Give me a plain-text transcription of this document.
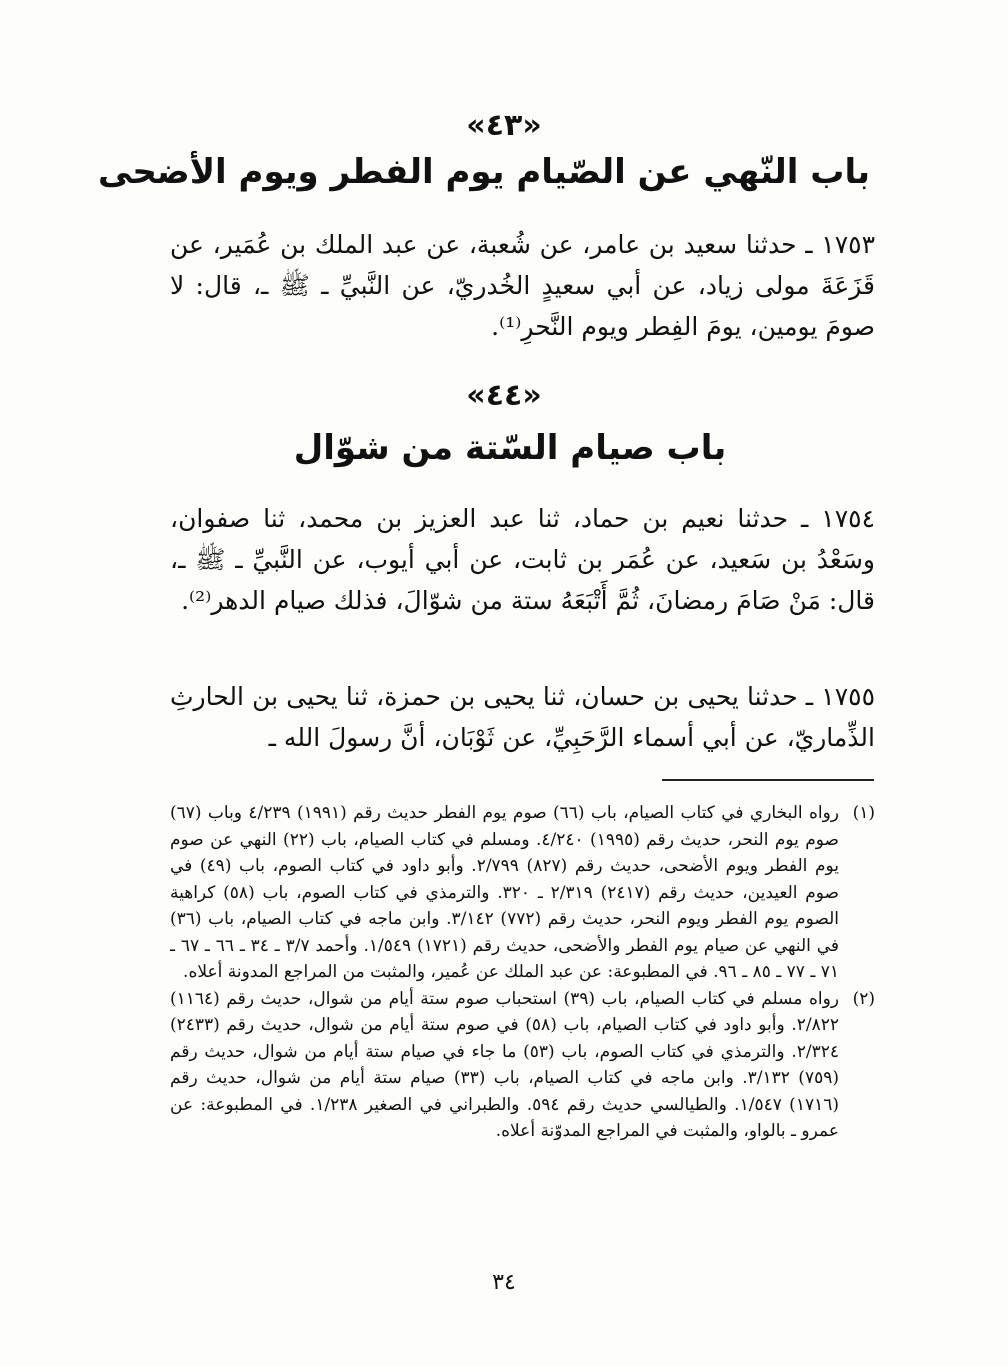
«٤٣»
باب النّهي عن الصّيام يوم الفطر ويوم الأضحى

١٧٥٣ ـ حدثنا سعيد بن عامر، عن شُعبة، عن عبد الملك بن عُمَير، عن قَزَعَةَ مولى زياد، عن أبي سعيدٍ الخُدريّ، عن النَّبيِّ ـ ﷺ ـ، قال: لا صومَ يومين، يومَ الفِطر ويوم النَّحرِ⁽¹⁾.

«٤٤»
باب صيام السّتة من شوّال

١٧٥٤ ـ حدثنا نعيم بن حماد، ثنا عبد العزيز بن محمد، ثنا صفوان، وسَعْدُ بن سَعيد، عن عُمَر بن ثابت، عن أبي أيوب، عن النَّبيِّ ـ ﷺ ـ، قال: مَنْ صَامَ رمضانَ، ثُمَّ أَتْبَعَهُ ستة من شوّالَ، فذلك صيام الدهر⁽²⁾.

١٧٥٥ ـ حدثنا يحيى بن حسان، ثنا يحيى بن حمزة، ثنا يحيى بن الحارثِ الذِّماريّ، عن أبي أسماء الرَّحَبِيِّ، عن ثَوْبَان، أنَّ رسولَ الله ـ

(١)
رواه البخاري في كتاب الصيام، باب (٦٦) صوم يوم الفطر حديث رقم (١٩٩١) ٤/٢٣٩ وباب (٦٧) صوم يوم النحر، حديث رقم (١٩٩٥) ٤/٢٤٠. ومسلم في كتاب الصيام، باب (٢٢) النهي عن صوم يوم الفطر ويوم الأضحى، حديث رقم (٨٢٧) ٢/٧٩٩. وأبو داود في كتاب الصوم، باب (٤٩) في صوم العيدين، حديث رقم (٢٤١٧) ٢/٣١٩ ـ ٣٢٠. والترمذي في كتاب الصوم، باب (٥٨) كراهية الصوم يوم الفطر ويوم النحر، حديث رقم (٧٧٢) ٣/١٤٢. وابن ماجه في كتاب الصيام، باب (٣٦) في النهي عن صيام يوم الفطر والأضحى، حديث رقم (١٧٢١) ١/٥٤٩. وأحمد ٣/٧ ـ ٣٤ ـ ٦٦ ـ ٦٧ ـ ٧١ ـ ٧٧ ـ ٨٥ ـ ٩٦. في المطبوعة: عن عبد الملك عن عُمير، والمثبت من المراجع المدونة أعلاه.
(٢)
رواه مسلم في كتاب الصيام، باب (٣٩) استحباب صوم ستة أيام من شوال، حديث رقم (١١٦٤) ٢/٨٢٢. وأبو داود في كتاب الصيام، باب (٥٨) في صوم ستة أيام من شوال، حديث رقم (٢٤٣٣) ٢/٣٢٤. والترمذي في كتاب الصوم، باب (٥٣) ما جاء في صيام ستة أيام من شوال، حديث رقم (٧٥٩) ٣/١٣٢. وابن ماجه في كتاب الصيام، باب (٣٣) صيام ستة أيام من شوال، حديث رقم (١٧١٦) ١/٥٤٧. والطيالسي حديث رقم ٥٩٤. والطبراني في الصغير ١/٢٣٨. في المطبوعة: عن عمرو ـ بالواو، والمثبت في المراجع المدوّنة أعلاه.
٣٤
